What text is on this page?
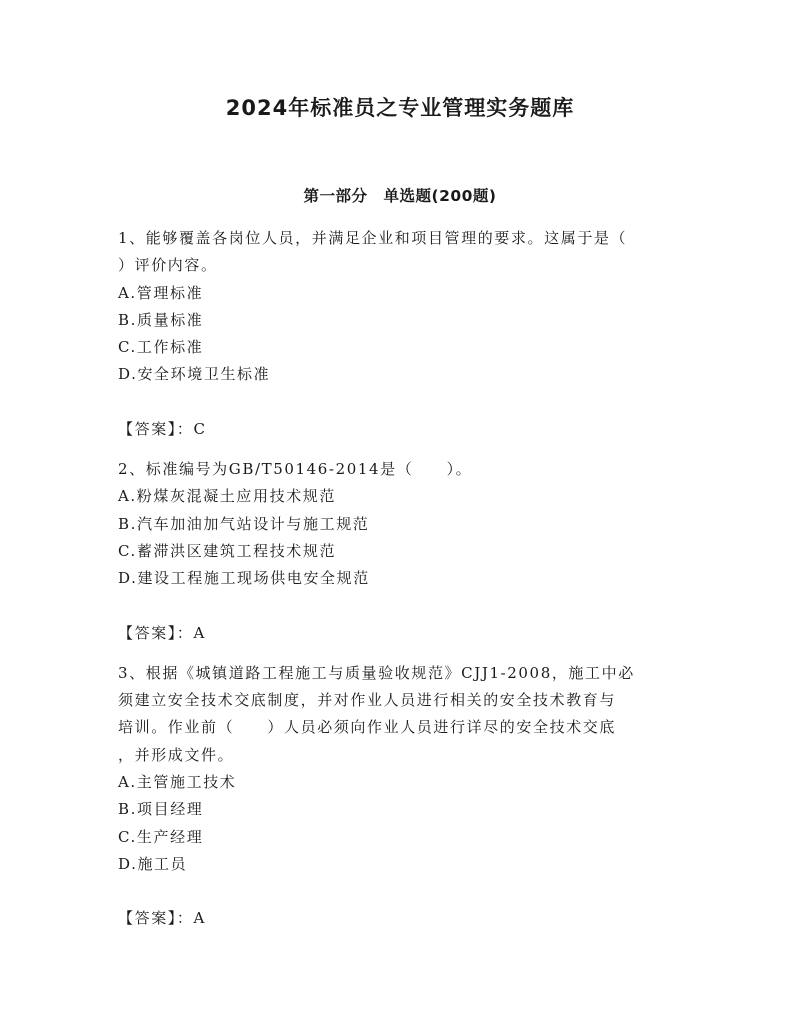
2024年标准员之专业管理实务题库
第一部分　单选题(200题)
1、能够覆盖各岗位人员，并满足企业和项目管理的要求。这属于是（
）评价内容。
A.管理标准
B.质量标准
C.工作标准
D.安全环境卫生标准
【答案】：C
2、标准编号为GB/T50146-2014是（　　）。
A.粉煤灰混凝土应用技术规范
B.汽车加油加气站设计与施工规范
C.蓄滞洪区建筑工程技术规范
D.建设工程施工现场供电安全规范
【答案】：A
3、根据《城镇道路工程施工与质量验收规范》CJJ1-2008，施工中必
须建立安全技术交底制度，并对作业人员进行相关的安全技术教育与
培训。作业前（　　）人员必须向作业人员进行详尽的安全技术交底
，并形成文件。
A.主管施工技术
B.项目经理
C.生产经理
D.施工员
【答案】：A
